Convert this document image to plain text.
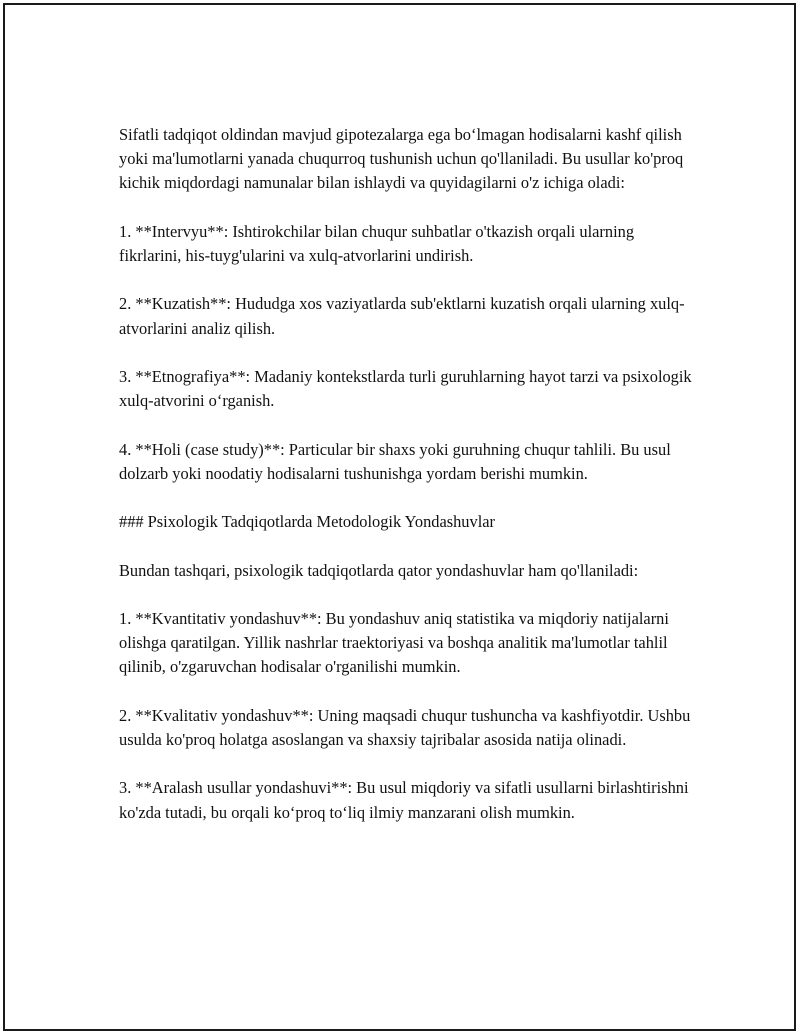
Sifatli tadqiqot oldindan mavjud gipotezalarga ega bo‘lmagan hodisalarni kashf qilish yoki ma'lumotlarni yanada chuqurroq tushunish uchun qo'llaniladi. Bu usullar ko'proq kichik miqdordagi namunalar bilan ishlaydi va quyidagilarni o'z ichiga oladi:

1. **Intervyu**: Ishtirokchilar bilan chuqur suhbatlar o'tkazish orqali ularning fikrlarini, his-tuyg'ularini va xulq-atvorlarini undirish.

2. **Kuzatish**: Hududga xos vaziyatlarda sub'ektlarni kuzatish orqali ularning xulq-atvorlarini analiz qilish.

3. **Etnografiya**: Madaniy kontekstlarda turli guruhlarning hayot tarzi va psixologik xulq-atvorini o‘rganish.

4. **Holi (case study)**: Particular bir shaxs yoki guruhning chuqur tahlili. Bu usul dolzarb yoki noodatiy hodisalarni tushunishga yordam berishi mumkin.

### Psixologik Tadqiqotlarda Metodologik Yondashuvlar

Bundan tashqari, psixologik tadqiqotlarda qator yondashuvlar ham qo'llaniladi:

1. **Kvantitativ yondashuv**: Bu yondashuv aniq statistika va miqdoriy natijalarni olishga qaratilgan. Yillik nashrlar traektoriyasi va boshqa analitik ma'lumotlar tahlil qilinib, o'zgaruvchan hodisalar o'rganilishi mumkin.

2. **Kvalitativ yondashuv**: Uning maqsadi chuqur tushuncha va kashfiyotdir. Ushbu usulda ko'proq holatga asoslangan va shaxsiy tajribalar asosida natija olinadi.

3. **Aralash usullar yondashuvi**: Bu usul miqdoriy va sifatli usullarni birlashtirishni ko'zda tutadi, bu orqali ko‘proq to‘liq ilmiy manzarani olish mumkin.
